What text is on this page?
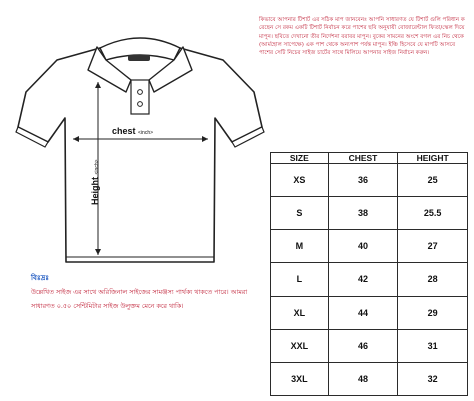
chest <inch>
Height <inch>
কিভাবে আপনার টিশার্ট এর সঠিক মাপ জানবেনঃ আপনি সাধারণত যে টিশার্ট গুলি পরিধান করেছেন সে রকম একটি টিশার্ট নির্বাচন করে পাশের ছবি অনুযায়ী বোজারেন্টাল ফিতা/স্কেল দিয়ে মাপুন। ছবিতে দেখানো তীর নির্দেশনা বরাবর মাপুন। বুকের সামনের অংশে বগল এর নিচ থেকে (আর্মহোল সাপেক্ষে) এক পাশ থেকে অন্যপাশ পর্যন্ত মাপুন। ইঞ্চি হিসেবে যে মাপটি আসবে পাশের সেটি নিচের সাইজ চার্টের সাথে মিলিয়ে আপনার সাইজ নির্বাচন করুন।
বিঃদ্রঃ
উল্লেখিত সাইজ এর সাথে অরিজিনাল সাইজের সামঞ্জস্য পার্থক্য থাকতে পারে। আমরা সাধারণত ০.৫০ সেন্টিমিটার সাইজ উলুক্তম মেনে করে থাকি।
SIZE	CHEST	HEIGHT
XS	36	25
S	38	25.5
M	40	27
L	42	28
XL	44	29
XXL	46	31
3XL	48	32
